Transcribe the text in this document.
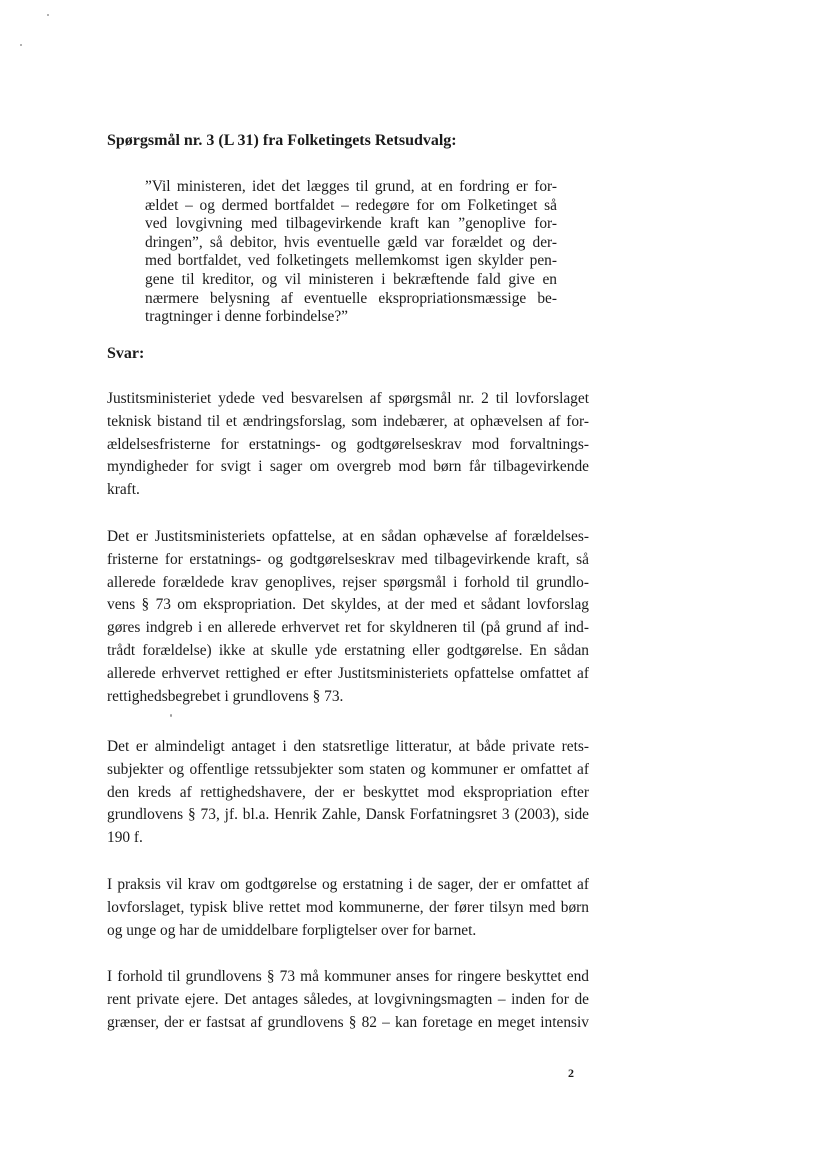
Spørgsmål nr. 3 (L 31) fra Folketingets Retsudvalg:
”Vil ministeren, idet det lægges til grund, at en fordring er for-
ældet – og dermed bortfaldet – redegøre for om Folketinget så
ved lovgivning med tilbagevirkende kraft kan ”genoplive for-
dringen”, så debitor, hvis eventuelle gæld var forældet og der-
med bortfaldet, ved folketingets mellemkomst igen skylder pen-
gene til kreditor, og vil ministeren i bekræftende fald give en
nærmere belysning af eventuelle ekspropriationsmæssige be-
tragtninger i denne forbindelse?”
Svar:
Justitsministeriet ydede ved besvarelsen af spørgsmål nr. 2 til lovforslaget
teknisk bistand til et ændringsforslag, som indebærer, at ophævelsen af for-
ældelsesfristerne for erstatnings- og godtgørelseskrav mod forvaltnings-
myndigheder for svigt i sager om overgreb mod børn får tilbagevirkende
kraft.
Det er Justitsministeriets opfattelse, at en sådan ophævelse af forældelses-
fristerne for erstatnings- og godtgørelseskrav med tilbagevirkende kraft, så
allerede forældede krav genoplives, rejser spørgsmål i forhold til grundlo-
vens § 73 om ekspropriation. Det skyldes, at der med et sådant lovforslag
gøres indgreb i en allerede erhvervet ret for skyldneren til (på grund af ind-
trådt forældelse) ikke at skulle yde erstatning eller godtgørelse. En sådan
allerede erhvervet rettighed er efter Justitsministeriets opfattelse omfattet af
rettighedsbegrebet i grundlovens § 73.
Det er almindeligt antaget i den statsretlige litteratur, at både private rets-
subjekter og offentlige retssubjekter som staten og kommuner er omfattet af
den kreds af rettighedshavere, der er beskyttet mod ekspropriation efter
grundlovens § 73, jf. bl.a. Henrik Zahle, Dansk Forfatningsret 3 (2003), side
190 f.
I praksis vil krav om godtgørelse og erstatning i de sager, der er omfattet af
lovforslaget, typisk blive rettet mod kommunerne, der fører tilsyn med børn
og unge og har de umiddelbare forpligtelser over for barnet.
I forhold til grundlovens § 73 må kommuner anses for ringere beskyttet end
rent private ejere. Det antages således, at lovgivningsmagten – inden for de
grænser, der er fastsat af grundlovens § 82 – kan foretage en meget intensiv
2
